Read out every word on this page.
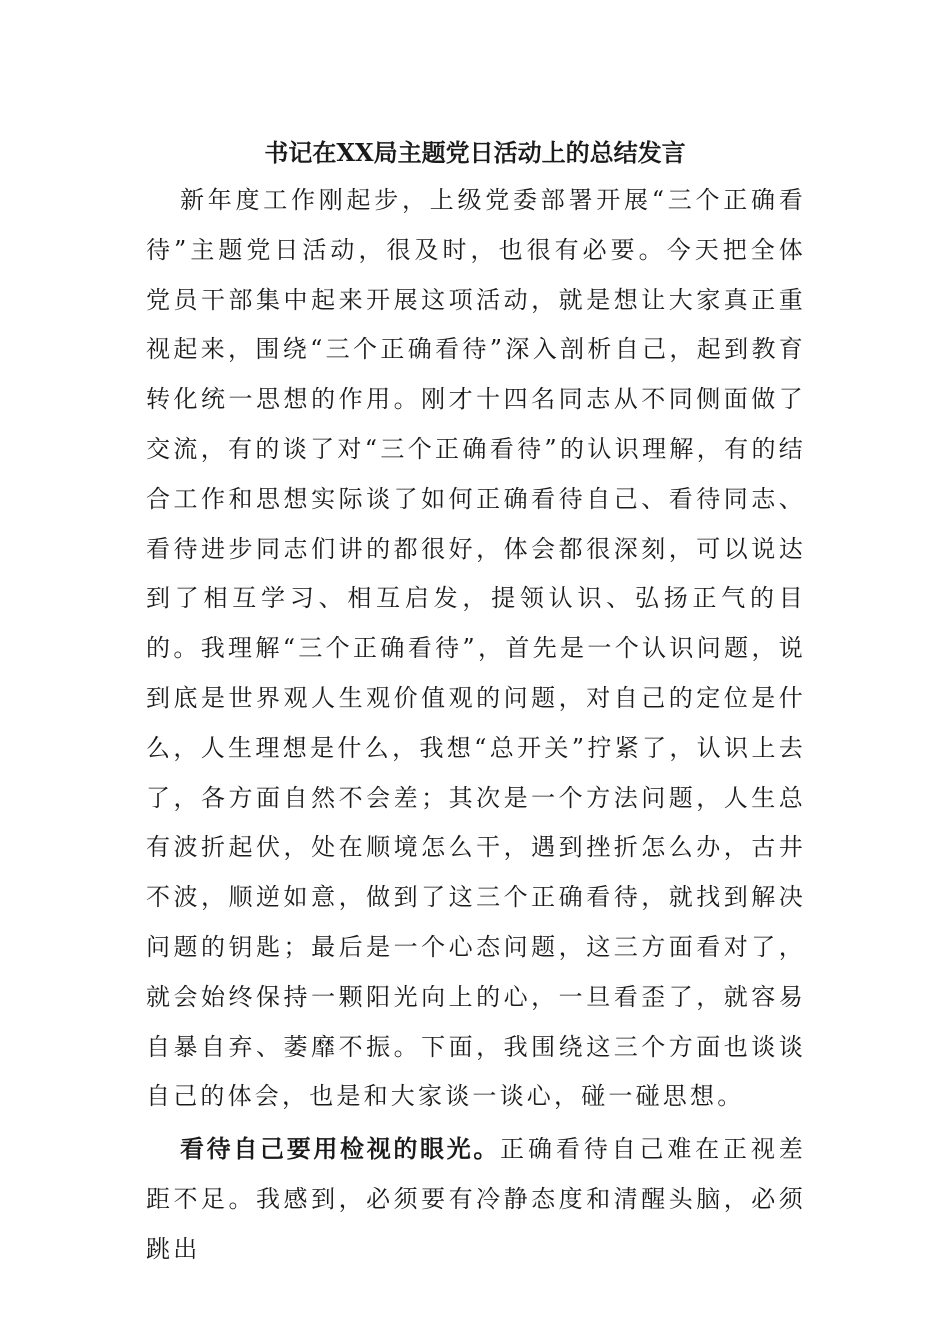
书记在XX局主题党日活动上的总结发言

新年度工作刚起步，上级党委部署开展“三个正确看待”主题党日活动，很及时，也很有必要。今天把全体党员干部集中起来开展这项活动，就是想让大家真正重视起来，围绕“三个正确看待”深入剖析自己，起到教育转化统一思想的作用。刚才十四名同志从不同侧面做了交流，有的谈了对“三个正确看待”的认识理解，有的结合工作和思想实际谈了如何正确看待自己、看待同志、看待进步同志们讲的都很好，体会都很深刻，可以说达到了相互学习、相互启发，提领认识、弘扬正气的目的。我理解“三个正确看待”，首先是一个认识问题，说到底是世界观人生观价值观的问题，对自己的定位是什么，人生理想是什么，我想“总开关”拧紧了，认识上去了，各方面自然不会差；其次是一个方法问题，人生总有波折起伏，处在顺境怎么干，遇到挫折怎么办，古井不波，顺逆如意，做到了这三个正确看待，就找到解决问题的钥匙；最后是一个心态问题，这三方面看对了，就会始终保持一颗阳光向上的心，一旦看歪了，就容易自暴自弃、萎靡不振。下面，我围绕这三个方面也谈谈自己的体会，也是和大家谈一谈心，碰一碰思想。

看待自己要用检视的眼光。正确看待自己难在正视差距不足。我感到，必须要有冷静态度和清醒头脑，必须跳出
